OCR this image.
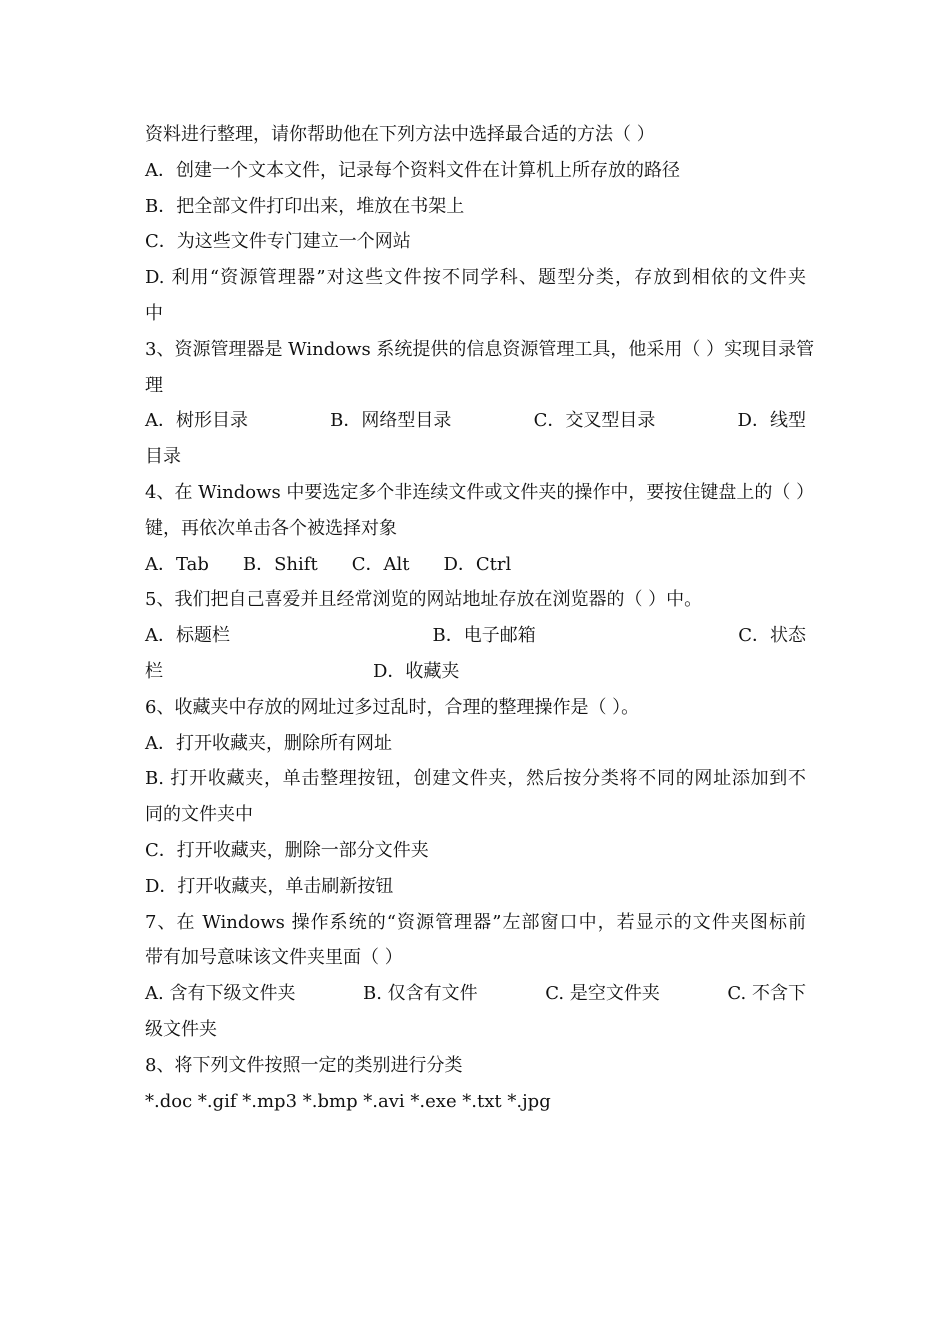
资料进行整理，请你帮助他在下列方法中选择最合适的方法（ ）
A．创建一个文本文件，记录每个资料文件在计算机上所存放的路径
B．把全部文件打印出来，堆放在书架上
C．为这些文件专门建立一个网站
D. 利用“资源管理器”对这些文件按不同学科、题型分类，存放到相依的文件夹
中
3、资源管理器是 Windows 系统提供的信息资源管理工具，他采用（ ）实现目录管
理
A．树形目录	B．网络型目录	C．交叉型目录	D．线型
目录
4、在 Windows 中要选定多个非连续文件或文件夹的操作中，要按住键盘上的（ ）
键，再依次单击各个被选择对象
A．Tab B．Shift C．Alt D．Ctrl
5、我们把自己喜爱并且经常浏览的网站地址存放在浏览器的（ ）中。
A．标题栏	B．电子邮箱	C．状态
栏	D．收藏夹
6、收藏夹中存放的网址过多过乱时，合理的整理操作是（ ）。
A．打开收藏夹，删除所有网址
B. 打开收藏夹，单击整理按钮，创建文件夹，然后按分类将不同的网址添加到不
同的文件夹中
C．打开收藏夹，删除一部分文件夹
D．打开收藏夹，单击刷新按钮
7、在 Windows 操作系统的“资源管理器”左部窗口中，若显示的文件夹图标前
带有加号意味该文件夹里面（ ）
A. 含有下级文件夹	B. 仅含有文件	C. 是空文件夹	C. 不含下
级文件夹
8、将下列文件按照一定的类别进行分类
*.doc *.gif *.mp3 *.bmp *.avi *.exe *.txt *.jpg
